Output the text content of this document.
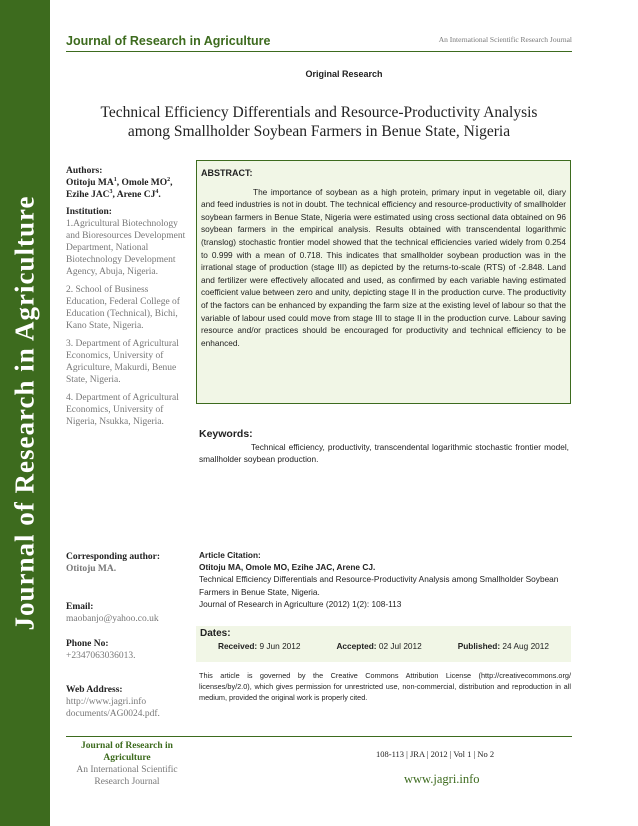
Journal of Research in Agriculture
Journal of Research in Agriculture	An International Scientific Research Journal
Original Research
Technical Efficiency Differentials and Resource-Productivity Analysis
among Smallholder Soybean Farmers in Benue State, Nigeria
Authors:
Otitoju $MA^1$, Omole $MO^2$,
Ezihe JAC$^3$, Arene $CJ^4$.
Institution:
1.Agricultural Biotechnology and Bioresources Development Department, National Biotechnology Development Agency, Abuja, Nigeria.
2. School of Business Education, Federal College of Education (Technical), Bichi, Kano State, Nigeria.
3. Department of Agricultural Economics, University of Agriculture, Makurdi, Benue State, Nigeria.
4. Department of Agricultural Economics, University of Nigeria, Nsukka, Nigeria.
ABSTRACT:
The importance of soybean as a high protein, primary input in vegetable oil, diary and feed industries is not in doubt. The technical efficiency and resource-productivity of smallholder soybean farmers in Benue State, Nigeria were estimated using cross sectional data obtained on 96 soybean farmers in the empirical analysis. Results obtained with transcendental logarithmic (translog) stochastic frontier model showed that the technical efficiencies varied widely from 0.254 to 0.999 with a mean of 0.718. This indicates that smallholder soybean production was in the irrational stage of production (stage III) as depicted by the returns-to-scale (RTS) of -2.848. Land and fertilizer were effectively allocated and used, as confirmed by each variable having estimated coefficient value between zero and unity, depicting stage II in the production curve. The productivity of the factors can be enhanced by expanding the farm size at the existing level of labour so that the variable of labour used could move from stage III to stage II in the production curve. Labour saving resource and/or practices should be encouraged for productivity and technical efficiency to be enhanced.
Keywords:
Technical efficiency, productivity, transcendental logarithmic stochastic frontier model, smallholder soybean production.
Corresponding author:
Otitoju MA.
Email:
maobanjo@yahoo.co.uk
Phone No:
+2347063036013.
Web Address:
http://www.jagri.info
documents/AG0024.pdf.
Article Citation:
Otitoju MA, Omole MO, Ezihe JAC, Arene CJ.
Technical Efficiency Differentials and Resource-Productivity Analysis among Smallholder Soybean Farmers in Benue State, Nigeria.
Journal of Research in Agriculture (2012) 1(2): 108-113
Dates:
Received: 9 Jun 2012	Accepted: 02 Jul 2012	Published: 24 Aug 2012
This article is governed by the Creative Commons Attribution License (http://creativecommons.org/ licenses/by/2.0), which gives permission for unrestricted use, non-commercial, distribution and reproduction in all medium, provided the original work is properly cited.
Journal of Research in
Agriculture
An International Scientific
Research Journal
108-113 | JRA | 2012 | Vol 1 | No 2
www.jagri.info
